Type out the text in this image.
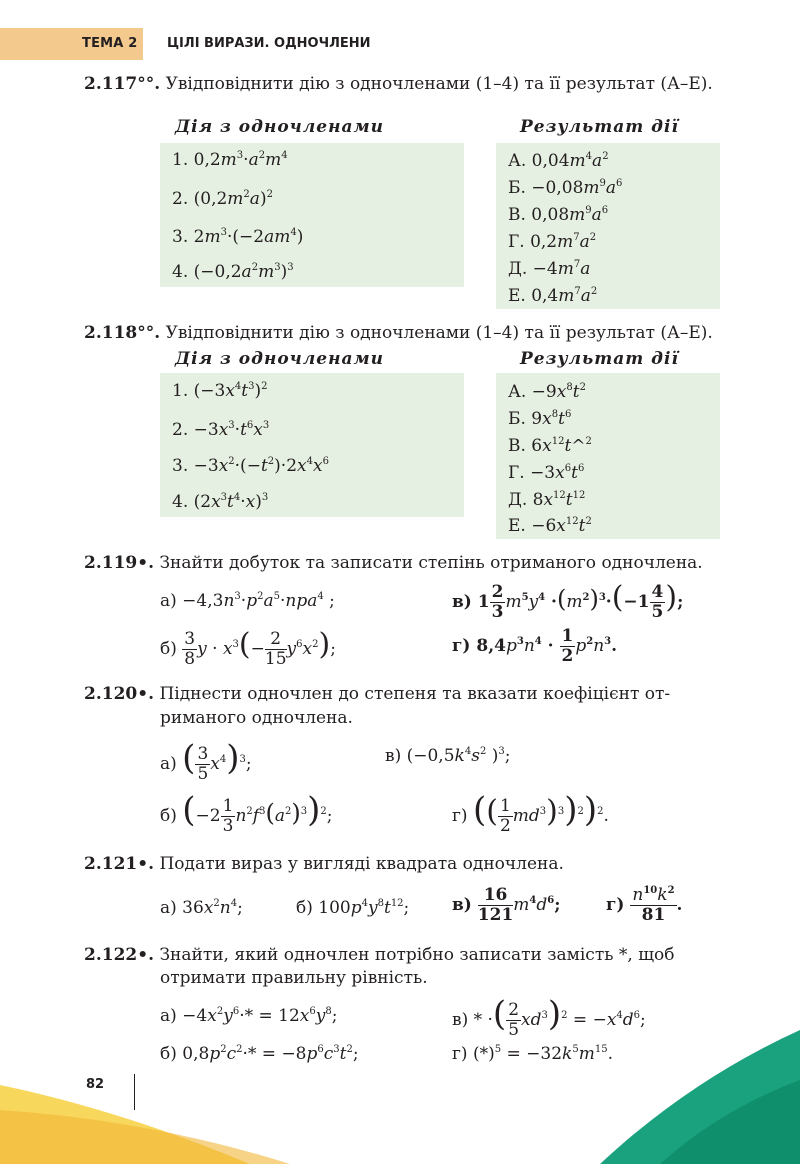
ТЕМА 2 ЦІЛІ ВИРАЗИ. ОДНОЧЛЕНИ
2.117°°. Увідповіднити дію з одночленами (1–4) та її результат (А–Е).
Дія з одночленами	Результат дії
1. $0,2m^3\cdot a^2m^4$
2. $(0,2m^2a)^2$
3. $2m^3\cdot(-2am^4)$
4. $(-0,2a^2m^3)^3$
А. $0,04m^4a^2$
Б. $-0,08m^9a^6$
В. $0,08m^9a^6$
Г. $0,2m^7a^2$
Д. $-4m^7a$
Е. $0,4m^7a^2$
2.118°°. Увідповіднити дію з одночленами (1–4) та її результат (А–Е).
Дія з одночленами	Результат дії
1. $(-3x^4t^3)^2$
2. $-3x^3\cdot t^6x^3$
3. $-3x^2\cdot(-t^2)\cdot 2x^4x^6$
4. $(2x^3t^4\cdot x)^3$
А. $-9x^8t^2$
Б. $9x^8t^6$
В. $6x^{12}t\^{}^2$
Г. $-3x^6t^6$
Д. $8x^{12}t^{12}$
Е. $-6x^{12}t^2$
2.119•. Знайти добуток та записати степінь отриманого одночлена.
$а) -4,3n^3\cdot p^2a^5\cdot npa^4$ ;	в) $1 \frac{2}{3} m^5y^4 \cdot(m^2)^3\cdot(-1 \frac{4}{5}$ );
$б) \frac{3}{8}$ $y \cdot x^3(- \frac{2}{15} y^6x^2)$;	г) $8,4p^3n^4 \cdot \frac{1}{2} p^2n^3$.
2.120•. Піднести одночлен до степеня та вказати коефіцієнт от-
риманого одночлена.
а) ( $\frac{3}{5} x^4)^3$;	в) ($-0,5k^4s^2$ )$^3$;
б) $(-2 \frac{1}{3} n^2f^3(a^2)^3)^2$;	г) (( $\frac{1}{2} md^3)^3)^2)^2$.
2.121•. Подати вираз у вигляді квадрата одночлена.
а) $36x^2n^4$;	б) $100p^4y^8t^{12}$;	$в) \frac{16}{121} m^4d^6$;	$г) \frac{n^{10}k^2}{81}$ .
2.122•. Знайти, який одночлен потрібно записати замість *, щоб
отримати правильну рівність.
$а) -4x^2y^6\cdot* = 12x^6y^8$;	в) * ·( $\frac{2}{5} xd^3)^2 = -x^4d^6$;
б) $0,8p^2c^2\cdot* = -8p^6c^3t^2$;	г) $(*)^5 = -32k^5m^{15}$.
82
